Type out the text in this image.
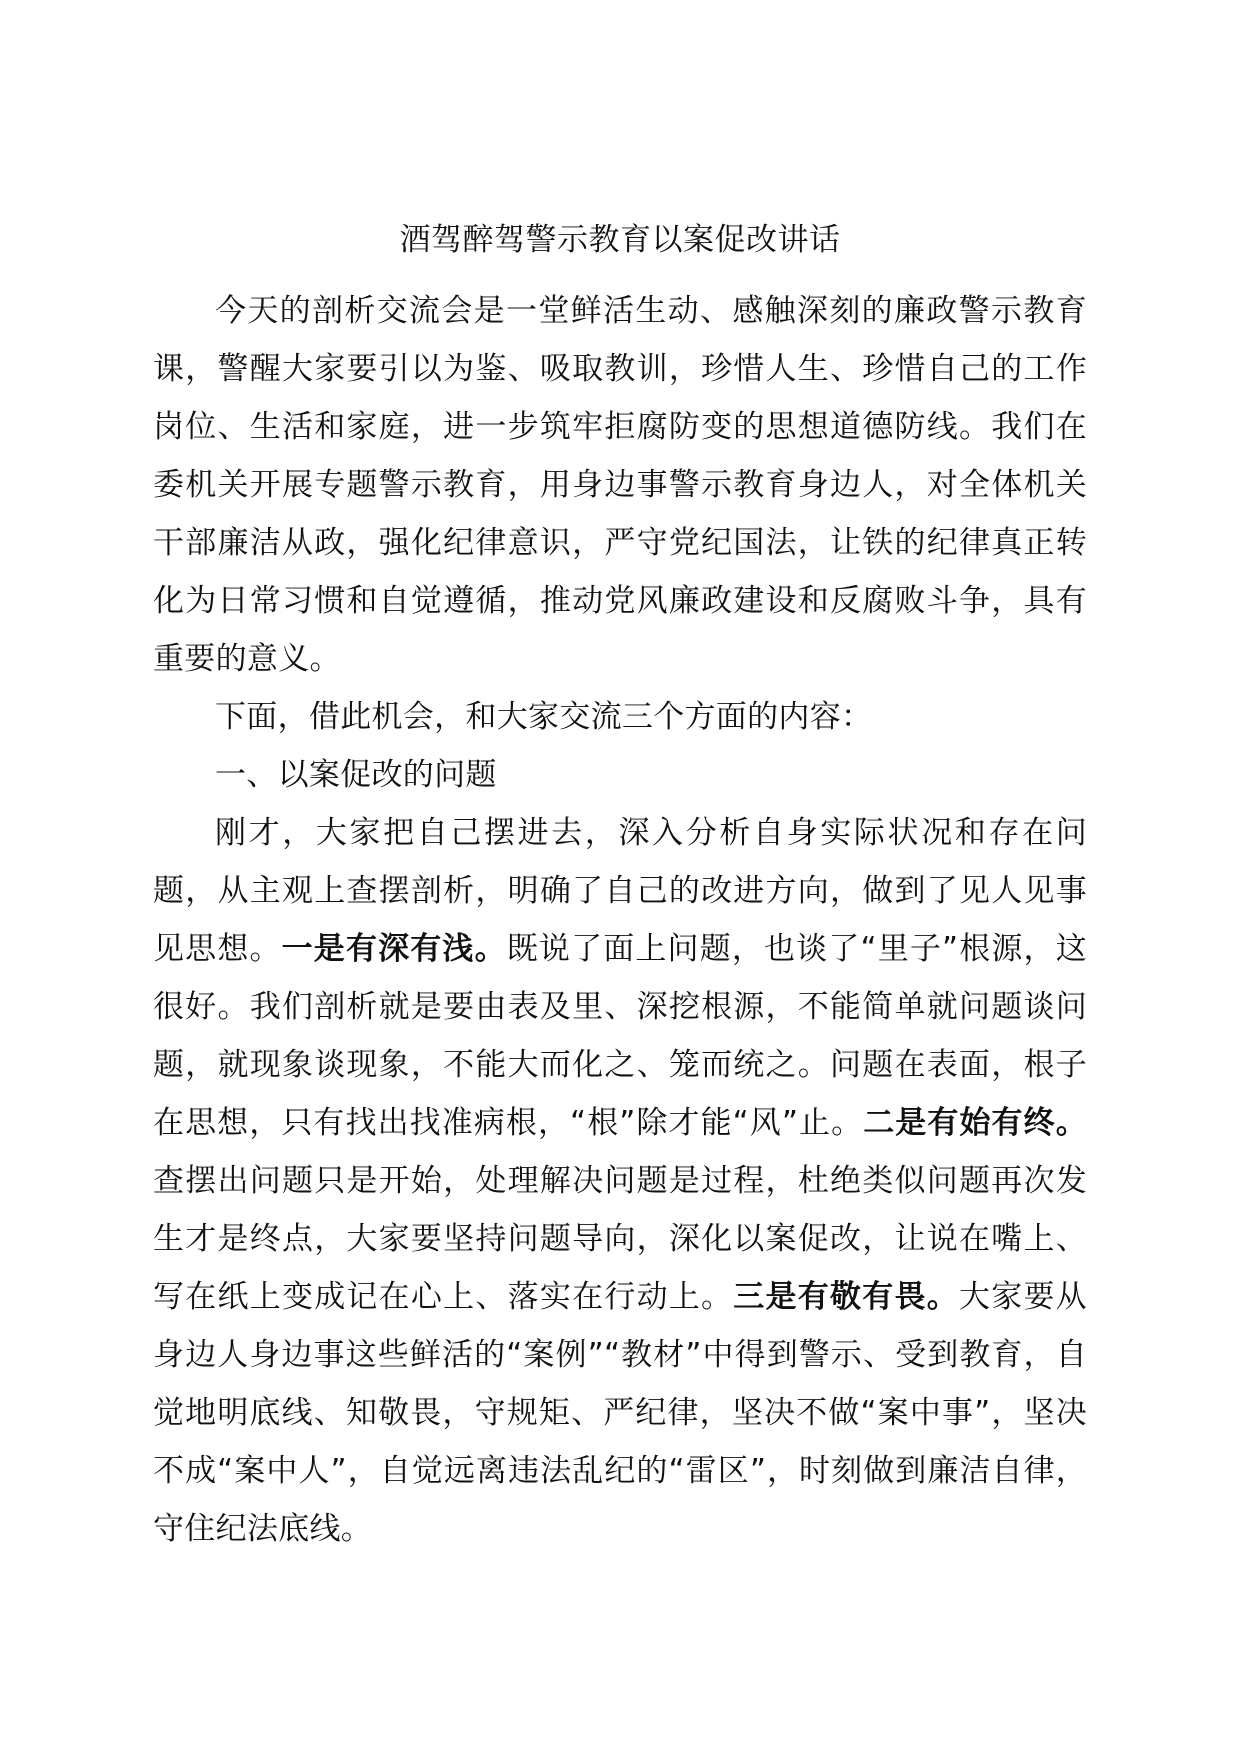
酒驾醉驾警示教育以案促改讲话

今天的剖析交流会是一堂鲜活生动、感触深刻的廉政警示教育课，警醒大家要引以为鉴、吸取教训，珍惜人生、珍惜自己的工作岗位、生活和家庭，进一步筑牢拒腐防变的思想道德防线。我们在委机关开展专题警示教育，用身边事警示教育身边人，对全体机关干部廉洁从政，强化纪律意识，严守党纪国法，让铁的纪律真正转化为日常习惯和自觉遵循，推动党风廉政建设和反腐败斗争，具有重要的意义。

下面，借此机会，和大家交流三个方面的内容：

一、以案促改的问题

刚才，大家把自己摆进去，深入分析自身实际状况和存在问题，从主观上查摆剖析，明确了自己的改进方向，做到了见人见事见思想。一是有深有浅。既说了面上问题，也谈了“里子”根源，这很好。我们剖析就是要由表及里、深挖根源，不能简单就问题谈问题，就现象谈现象，不能大而化之、笼而统之。问题在表面，根子在思想，只有找出找准病根，“根”除才能“风”止。二是有始有终。查摆出问题只是开始，处理解决问题是过程，杜绝类似问题再次发生才是终点，大家要坚持问题导向，深化以案促改，让说在嘴上、写在纸上变成记在心上、落实在行动上。三是有敬有畏。大家要从身边人身边事这些鲜活的“案例”“教材”中得到警示、受到教育，自觉地明底线、知敬畏，守规矩、严纪律，坚决不做“案中事”，坚决不成“案中人”，自觉远离违法乱纪的“雷区”，时刻做到廉洁自律，守住纪法底线。
